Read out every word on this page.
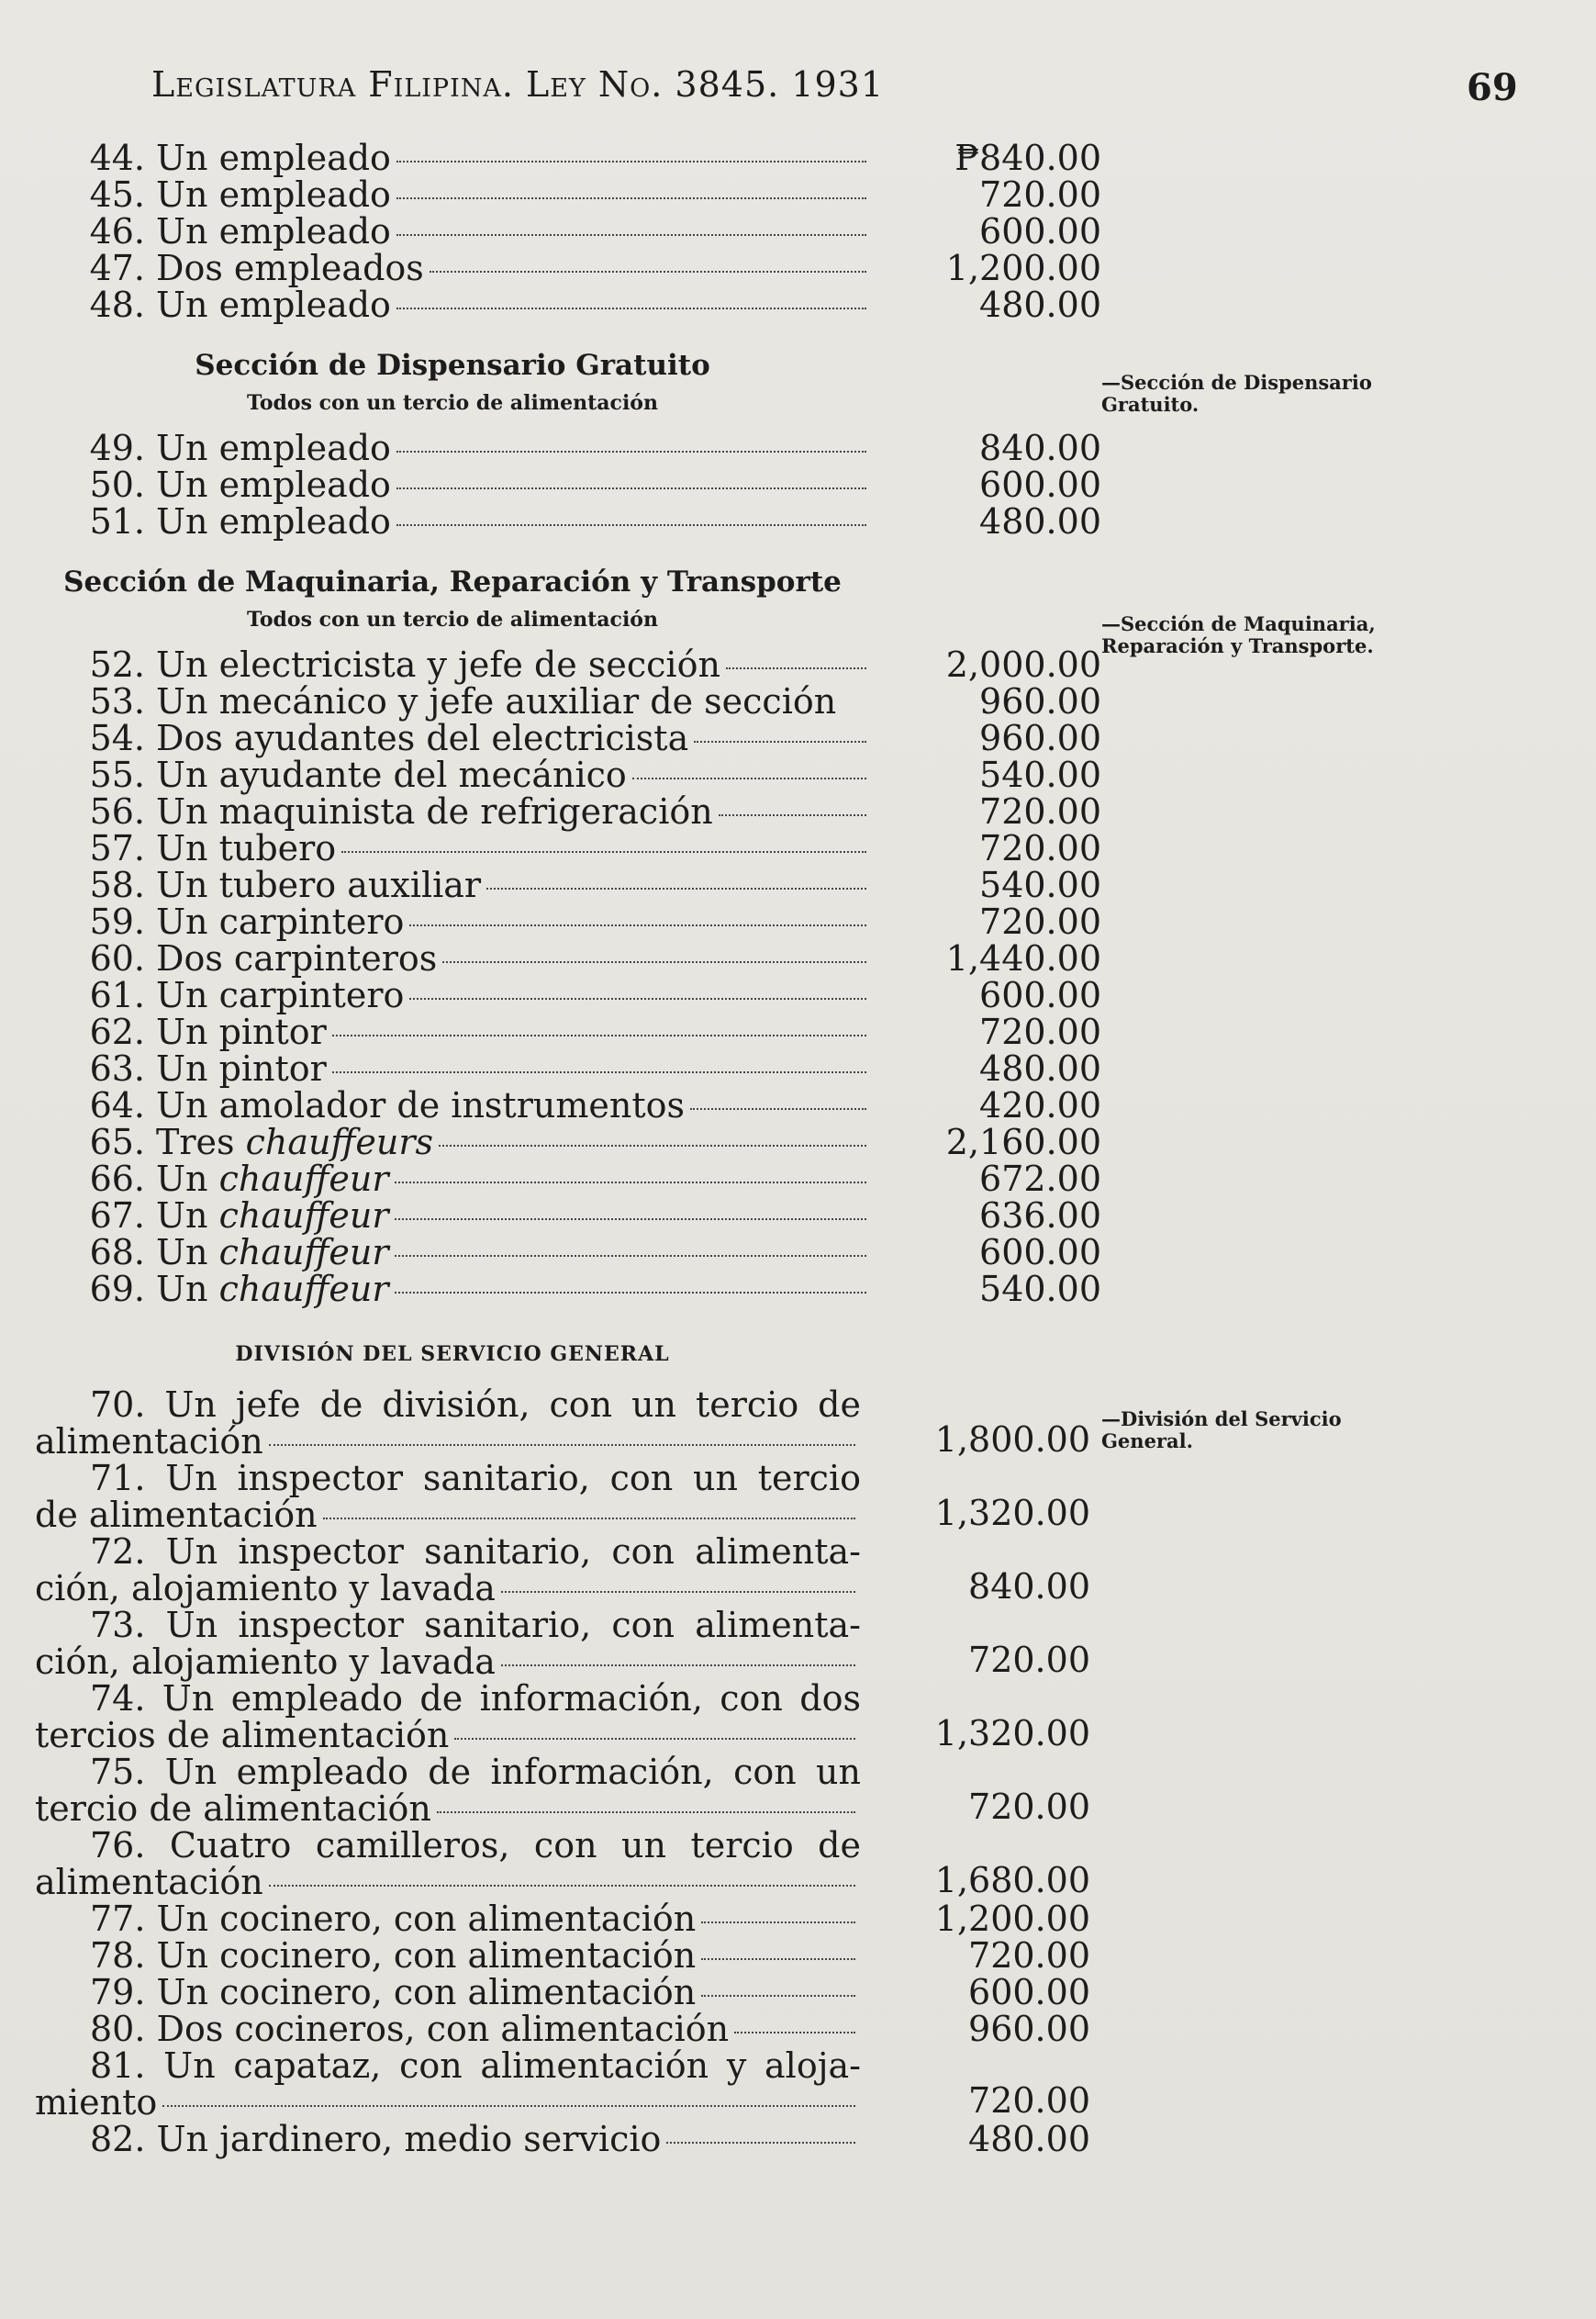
Legislatura Filipina. Ley No. 3845. 1931	69
—Sección de Dispensario Gratuito.
—Sección de Maquinaria, Reparación y Transporte.
—División del Servicio General.
44. Un empleado	₱840.00
45. Un empleado	720.00
46. Un empleado	600.00
47. Dos empleados	1,200.00
48. Un empleado	480.00
Sección de Dispensario Gratuito
Todos con un tercio de alimentación
49. Un empleado	840.00
50. Un empleado	600.00
51. Un empleado	480.00
Sección de Maquinaria, Reparación y Transporte
Todos con un tercio de alimentación
52. Un electricista y jefe de sección	2,000.00
53. Un mecánico y jefe auxiliar de sección	960.00
54. Dos ayudantes del electricista	960.00
55. Un ayudante del mecánico	540.00
56. Un maquinista de refrigeración	720.00
57. Un tubero	720.00
58. Un tubero auxiliar	540.00
59. Un carpintero	720.00
60. Dos carpinteros	1,440.00
61. Un carpintero	600.00
62. Un pintor	720.00
63. Un pintor	480.00
64. Un amolador de instrumentos	420.00
65. Tres chauffeurs	2,160.00
66. Un chauffeur	672.00
67. Un chauffeur	636.00
68. Un chauffeur	600.00
69. Un chauffeur	540.00
DIVISIÓN DEL SERVICIO GENERAL
70. Un jefe de división, con un tercio de
alimentación	1,800.00
71. Un inspector sanitario, con un tercio
de alimentación	1,320.00
72. Un inspector sanitario, con alimenta-
ción, alojamiento y lavada	840.00
73. Un inspector sanitario, con alimenta-
ción, alojamiento y lavada	720.00
74. Un empleado de información, con dos
tercios de alimentación	1,320.00
75. Un empleado de información, con un
tercio de alimentación	720.00
76. Cuatro camilleros, con un tercio de
alimentación	1,680.00
77. Un cocinero, con alimentación	1,200.00
78. Un cocinero, con alimentación	720.00
79. Un cocinero, con alimentación	600.00
80. Dos cocineros, con alimentación	960.00
81. Un capataz, con alimentación y aloja-
miento	720.00
82. Un jardinero, medio servicio	480.00
